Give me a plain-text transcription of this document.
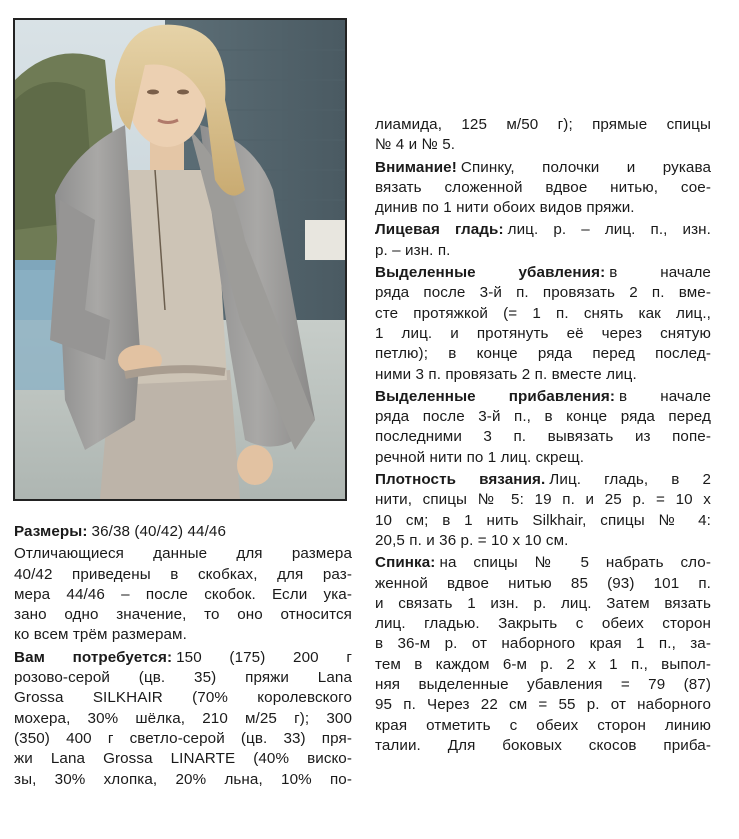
Размеры: 36/38 (40/42) 44/46
Отличающиеся данные для размера
40/42 приведены в скобках, для раз-
мера 44/46 – после скобок. Если ука-
зано одно значение, то оно относится
ко всем трём размерам.
Вам потребуется: 150 (175) 200 г
розово-серой (цв. 35) пряжи Lana
Grossa SILKHAIR (70% королевского
мохера, 30% шёлка, 210 м/25 г); 300
(350) 400 г светло-серой (цв. 33) пря-
жи Lana Grossa LINARTE (40% вискo-
зы, 30% хлопка, 20% льна, 10% по-
лиамида, 125 м/50 г); прямые спицы
№ 4 и № 5.
Внимание! Спинку, полочки и рукава
вязать сложенной вдвое нитью, сое-
динив по 1 нити обоих видов пряжи.
Лицевая гладь: лиц. р. – лиц. п., изн.
р. – изн. п.
Выделенные убавления: в начале
ряда после 3-й п. провязать 2 п. вме-
сте протяжкой (= 1 п. снять как лиц.,
1 лиц. и протянуть её через снятую
петлю); в конце ряда перед послед-
ними 3 п. провязать 2 п. вместе лиц.
Выделенные прибавления: в начале
ряда после 3-й п., в конце ряда перед
последними 3 п. вывязать из попе-
речной нити по 1 лиц. скрещ.
Плотность вязания. Лиц. гладь, в 2
нити, спицы № 5: 19 п. и 25 р. = 10 х
10 см; в 1 нить Silkhair, спицы № 4:
20,5 п. и 36 р. = 10 х 10 см.
Спинка: на спицы № 5 набрать сло-
женной вдвое нитью 85 (93) 101 п.
и связать 1 изн. р. лиц. Затем вязать
лиц. гладью. Закрыть с обеих сторон
в 36-м р. от наборного края 1 п., за-
тем в каждом 6-м р. 2 х 1 п., выпол-
няя выделенные убавления = 79 (87)
95 п. Через 22 см = 55 р. от наборного
края отметить с обеих сторон линию
талии. Для боковых скосов приба-
